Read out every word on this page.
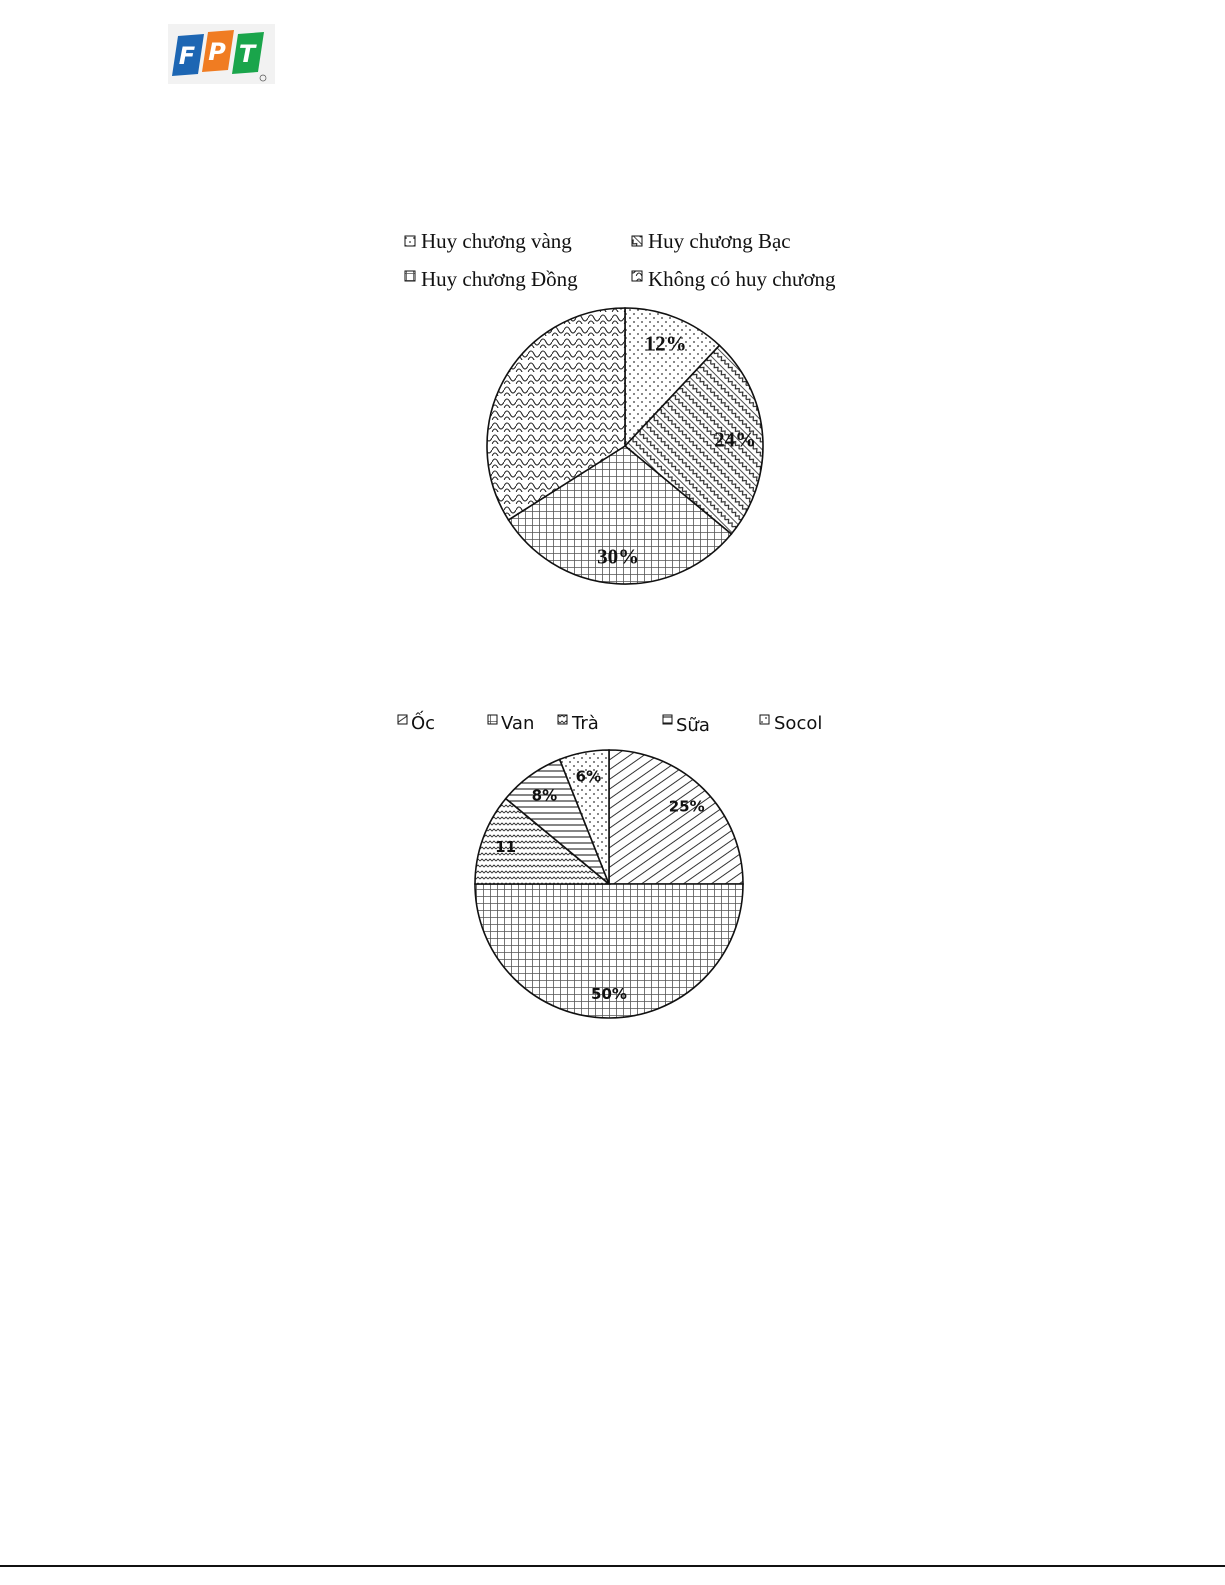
F P T
Huy chương vàng	Huy chương Bạc
Huy chương Đồng	Không có huy chương
12%
24%
30%
Ốc	Van Trà	Sữa	Socol
25%
50%
11
8%
6%
